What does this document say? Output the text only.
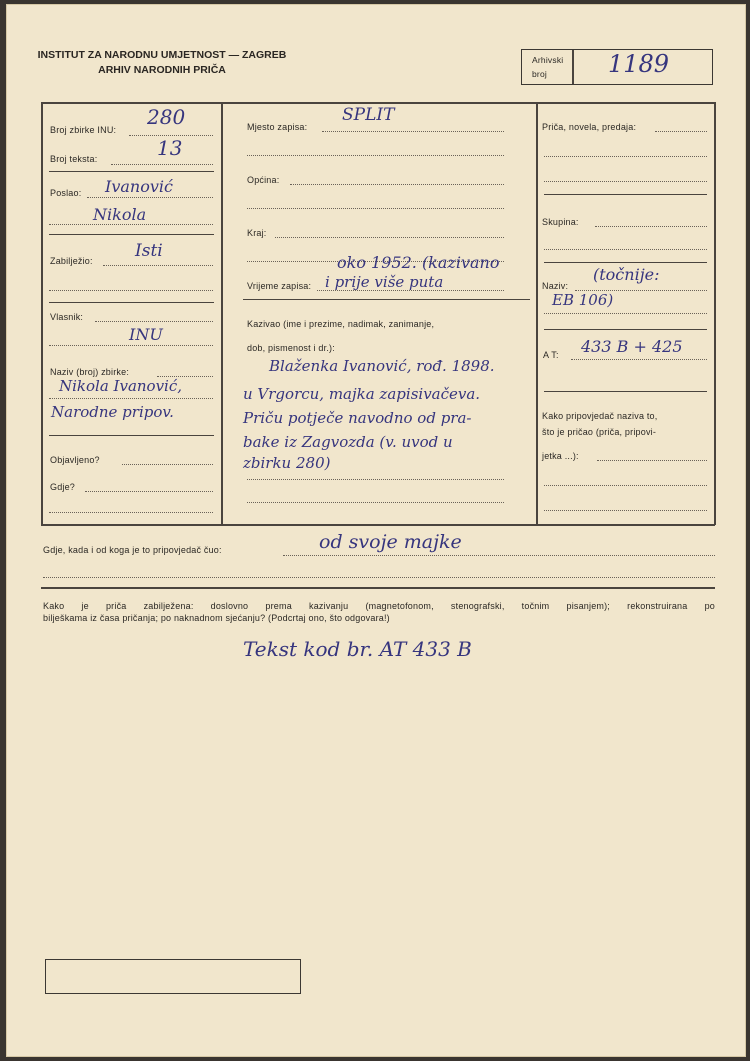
INSTITUT ZA NARODNU UMJETNOST — ZAGREB
ARHIV NARODNIH PRIČA
Arhivski
broj	1189
Broj zbirke INU:
280
Broj teksta:	13
Poslao: Ivanović
Nikola
Zabilježio: Isti
Vlasnik:
INU
Naziv (broj) zbirke:
Nikola Ivanović,
Narodne pripov.
Objavljeno?
Gdje?
Mjesto zapisa:
SPLIT
Općina:
Kraj:
oko 1952. (kazivano
Vrijeme zapisa: i prije više puta
Kazivao (ime i prezime, nadimak, zanimanje,
dob, pismenost i dr.):
Blaženka Ivanović, rođ. 1898.
u Vrgorcu, majka zapisivačeva.
Priču potječe navodno od pra-
bake iz Zagvozda (v. uvod u
zbirku 280)
Priča, novela, predaja:
Skupina:
Naziv:
(točnije:
EB 106)
A T: 433 B + 425
Kako pripovjedač naziva to,
što je pričao (priča, pripovi-
jetka ...):
Gdje, kada i od koga je to pripovjedač čuo:	od svoje majke
Kako je priča zabilježena: doslovno prema kazivanju (magnetofonom, stenografski, točnim pisanjem); rekonstruirana po
bilješkama iz časa pričanja; po naknadnom sjećanju? (Podcrtaj ono, što odgovara!)
Tekst kod br. AT 433 B
